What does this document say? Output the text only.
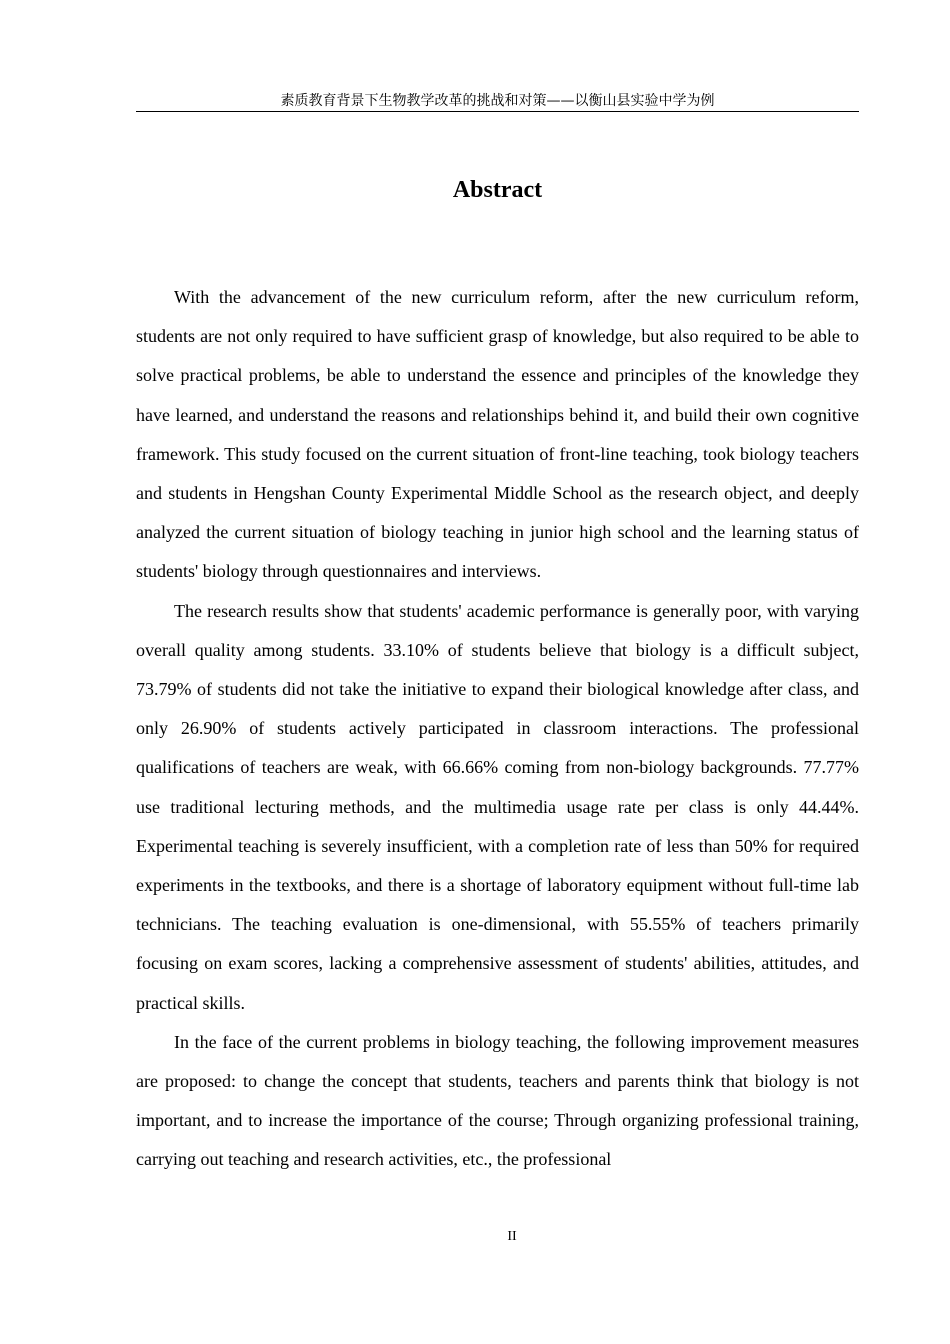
素质教育背景下生物教学改革的挑战和对策——以衡山县实验中学为例
Abstract

With the advancement of the new curriculum reform, after the new curriculum reform, students are not only required to have sufficient grasp of knowledge, but also required to be able to solve practical problems, be able to understand the essence and principles of the knowledge they have learned, and understand the reasons and relationships behind it, and build their own cognitive framework. This study focused on the current situation of front-line teaching, took biology teachers and students in Hengshan County Experimental Middle School as the research object, and deeply analyzed the current situation of biology teaching in junior high school and the learning status of students' biology through questionnaires and interviews.

The research results show that students' academic performance is generally poor, with varying overall quality among students. 33.10% of students believe that biology is a difficult subject, 73.79% of students did not take the initiative to expand their biological knowledge after class, and only 26.90% of students actively participated in classroom interactions. The professional qualifications of teachers are weak, with 66.66% coming from non-biology backgrounds. 77.77% use traditional lecturing methods, and the multimedia usage rate per class is only 44.44%. Experimental teaching is severely insufficient, with a completion rate of less than 50% for required experiments in the textbooks, and there is a shortage of laboratory equipment without full-time lab technicians. The teaching evaluation is one-dimensional, with 55.55% of teachers primarily focusing on exam scores, lacking a comprehensive assessment of students' abilities, attitudes, and practical skills.

In the face of the current problems in biology teaching, the following improvement measures are proposed: to change the concept that students, teachers and parents think that biology is not important, and to increase the importance of the course; Through organizing professional training, carrying out teaching and research activities, etc., the professional

II
